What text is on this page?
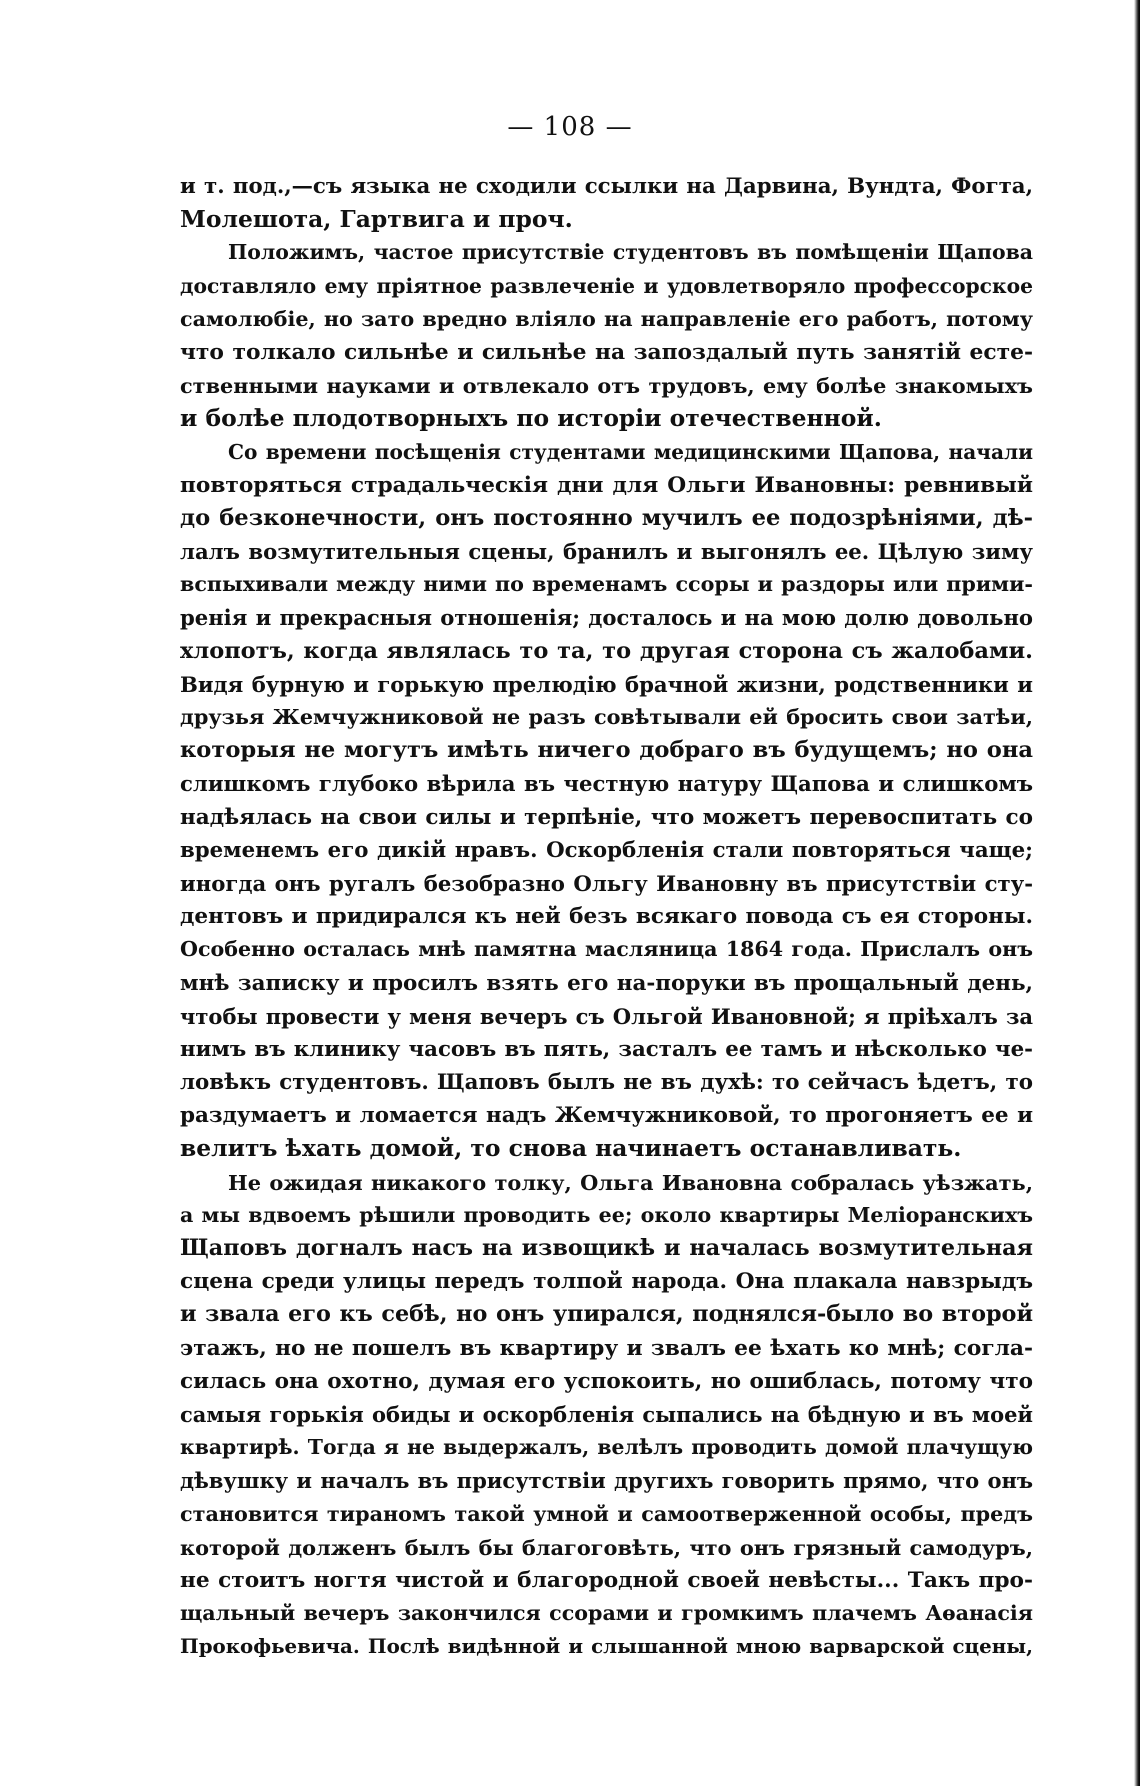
— 108 —

и т. под.,—съ языка не сходили ссылки на Дарвина, Вундта, Фогта,
Молешота, Гартвига и проч.

Положимъ, частое присутствіе студентовъ въ помѣщеніи Щапова
доставляло ему пріятное развлеченіе и удовлетворяло профессорское
самолюбіе, но зато вредно вліяло на направленіе его работъ, потому
что толкало сильнѣе и сильнѣе на запоздалый путь занятій есте-
ственными науками и отвлекало отъ трудовъ, ему болѣе знакомыхъ
и болѣе плодотворныхъ по исторіи отечественной.

Со времени посѣщенія студентами медицинскими Щапова, начали
повторяться страдальческія дни для Ольги Ивановны: ревнивый
до безконечности, онъ постоянно мучилъ ее подозрѣніями, дѣ-
лалъ возмутительныя сцены, бранилъ и выгонялъ ее. Цѣлую зиму
вспыхивали между ними по временамъ ссоры и раздоры или прими-
ренія и прекрасныя отношенія; досталось и на мою долю довольно
хлопотъ, когда являлась то та, то другая сторона съ жалобами.
Видя бурную и горькую прелюдію брачной жизни, родственники и
друзья Жемчужниковой не разъ совѣтывали ей бросить свои затѣи,
которыя не могутъ имѣть ничего добраго въ будущемъ; но она
слишкомъ глубоко вѣрила въ честную натуру Щапова и слишкомъ
надѣялась на свои силы и терпѣніе, что можетъ перевоспитать со
временемъ его дикій нравъ. Оскорбленія стали повторяться чаще;
иногда онъ ругалъ безобразно Ольгу Ивановну въ присутствіи сту-
дентовъ и придирался къ ней безъ всякаго повода съ ея стороны.
Особенно осталась мнѣ памятна масляница 1864 года. Прислалъ онъ
мнѣ записку и просилъ взять его на-поруки въ прощальный день,
чтобы провести у меня вечеръ съ Ольгой Ивановной; я пріѣхалъ за
нимъ въ клинику часовъ въ пять, засталъ ее тамъ и нѣсколько че-
ловѣкъ студентовъ. Щаповъ былъ не въ духѣ: то сейчасъ ѣдетъ, то
раздумаетъ и ломается надъ Жемчужниковой, то прогоняетъ ее и
велитъ ѣхать домой, то снова начинаетъ останавливать.

Не ожидая никакого толку, Ольга Ивановна собралась уѣзжать,
а мы вдвоемъ рѣшили проводить ее; около квартиры Меліоранскихъ
Щаповъ догналъ насъ на извощикѣ и началась возмутительная
сцена среди улицы передъ толпой народа. Она плакала навзрыдъ
и звала его къ себѣ, но онъ упирался, поднялся-было во второй
этажъ, но не пошелъ въ квартиру и звалъ ее ѣхать ко мнѣ; согла-
силась она охотно, думая его успокоить, но ошиблась, потому что
самыя горькія обиды и оскорбленія сыпались на бѣдную и въ моей
квартирѣ. Тогда я не выдержалъ, велѣлъ проводить домой плачущую
дѣвушку и началъ въ присутствіи другихъ говорить прямо, что онъ
становится тираномъ такой умной и самоотверженной особы, предъ
которой долженъ былъ бы благоговѣть, что онъ грязный самодуръ,
не стоитъ ногтя чистой и благородной своей невѣсты... Такъ про-
щальный вечеръ закончился ссорами и громкимъ плачемъ Аѳанасія
Прокофьевича. Послѣ видѣнной и слышанной мною варварской сцены,
